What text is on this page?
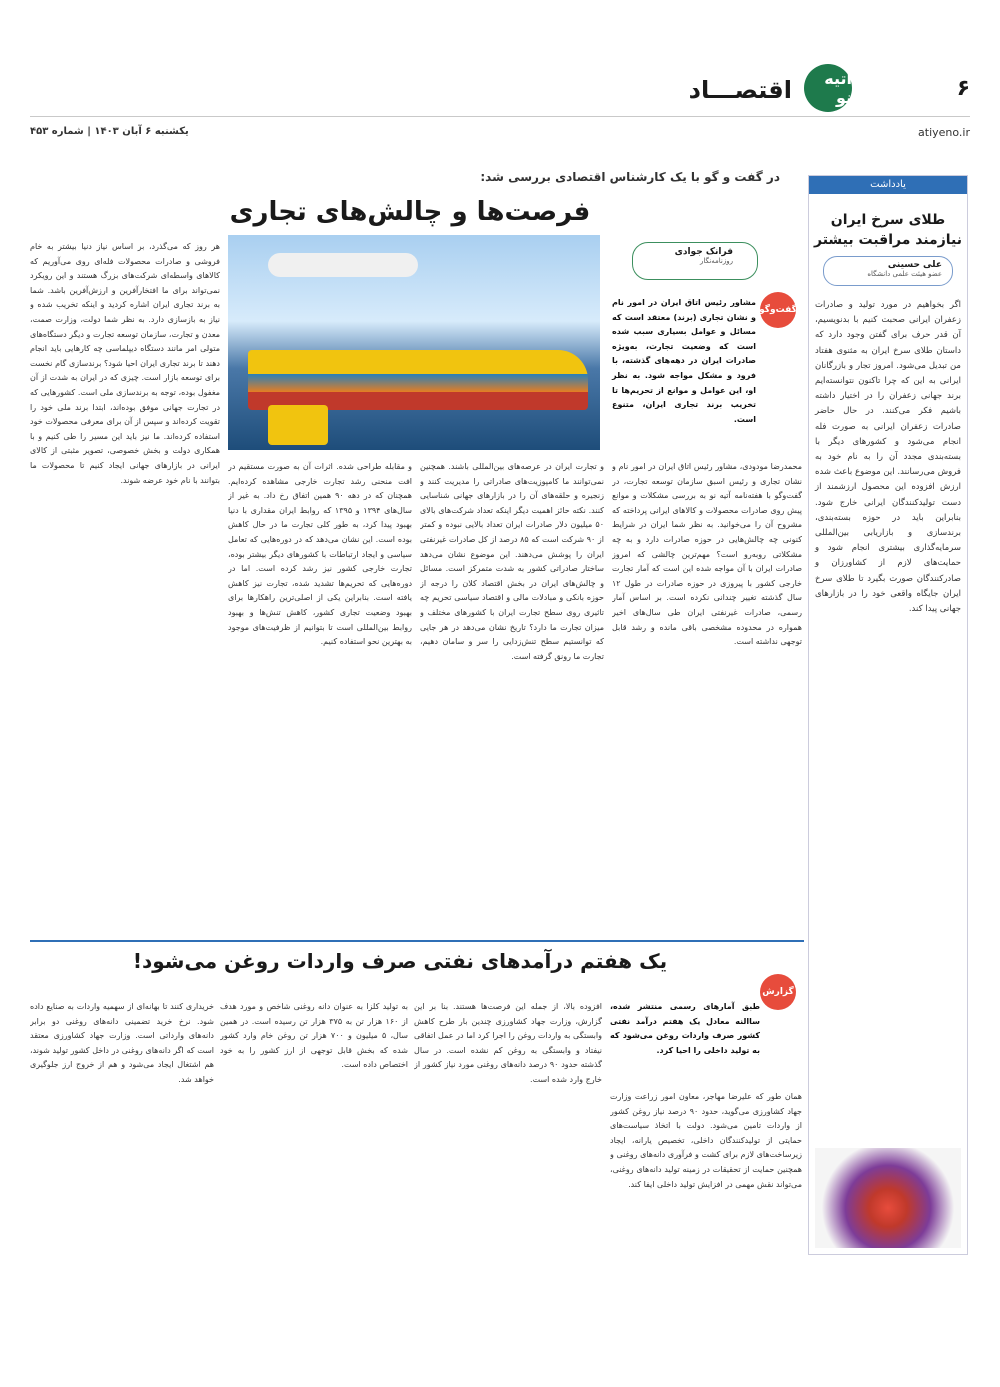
۶
آتیه نو
اقتصـــاد
atiyeno.ir
یکشنبه ۶ آبان ۱۴۰۳ | شماره ۴۵۳
یادداشت
طلای سرخ ایران نیازمند مراقبت بیشتر
علی حسینی
عضو هیئت علمی دانشگاه
اگر بخواهیم در مورد تولید و صادرات زعفران ایرانی صحبت کنیم با بدنویسیم، آن قدر حرف برای گفتن وجود دارد که داستان طلای سرخ ایران به مثنوی هفتاد من تبدیل می‌شود. امروز تجار و بازرگانان ایرانی به این که چرا تاکنون نتوانسته‌ایم برند جهانی زعفران را در اختیار داشته باشیم فکر می‌کنند. در حال حاضر صادرات زعفران ایرانی به صورت فله انجام می‌شود و کشورهای دیگر با بسته‌بندی مجدد آن را به نام خود به فروش می‌رسانند. این موضوع باعث شده ارزش افزوده این محصول ارزشمند از دست تولیدکنندگان ایرانی خارج شود. بنابراین باید در حوزه بسته‌بندی، برندسازی و بازاریابی بین‌المللی سرمایه‌گذاری بیشتری انجام شود و حمایت‌های لازم از کشاورزان و صادرکنندگان صورت بگیرد تا طلای سرخ ایران جایگاه واقعی خود را در بازارهای جهانی پیدا کند.
در گفت و گو با یک کارشناس اقتصادی بررسی شد:
فرصت‌ها و چالش‌های تجاری
فرانک جوادی
روزنامه‌نگار
گفت‌وگو
مشاور رئیس اتاق ایران در امور نام و نشان تجاری (برند) معتقد است که مسائل و عوامل بسیاری سبب شده است که وضعیت تجارت، به‌ویژه صادرات ایران در دهه‌های گذشته، با فرود و مشکل مواجه شود. به نظر او، این عوامل و موانع از تحریم‌ها تا تخریب برند تجاری ایران، متنوع است.
محمدرضا مودودی، مشاور رئیس اتاق ایران در امور نام و نشان تجاری و رئیس اسبق سازمان توسعه تجارت، در گفت‌وگو با هفته‌نامه آتیه نو به بررسی مشکلات و موانع پیش روی صادرات محصولات و کالاهای ایرانی پرداخته که مشروح آن را می‌خوانید. به نظر شما ایران در شرایط کنونی چه چالش‌هایی در حوزه صادرات دارد و به چه مشکلاتی روبه‌رو است؟ مهم‌ترین چالشی که امروز صادرات ایران با آن مواجه شده این است که آمار تجارت خارجی کشور با پیروزی در حوزه صادرات در طول ۱۲ سال گذشته تغییر چندانی نکرده است. بر اساس آمار رسمی، صادرات غیرنفتی ایران طی سال‌های اخیر همواره در محدوده مشخصی باقی مانده و رشد قابل توجهی نداشته است.
و تجارت ایران در عرصه‌های بین‌المللی باشند. همچنین نمی‌توانند ما کامپوزیت‌های صادراتی را مدیریت کنند و زنجیره و حلقه‌های آن را در بازارهای جهانی شناسایی کنند. نکته حائز اهمیت دیگر اینکه تعداد شرکت‌های بالای ۵۰ میلیون دلار صادرات ایران تعداد بالایی نبوده و کمتر از ۹۰ شرکت است که ۸۵ درصد از کل صادرات غیرنفتی ایران را پوشش می‌دهند. این موضوع نشان می‌دهد ساختار صادراتی کشور به شدت متمرکز است. مسائل و چالش‌های ایران در بخش اقتصاد کلان را درجه از حوزه بانکی و مبادلات مالی و اقتصاد سیاسی تحریم چه تاثیری روی سطح تجارت ایران با کشورهای مختلف و میزان تجارت ما دارد؟ تاریخ نشان می‌دهد در هر جایی که توانستیم سطح تنش‌زدایی را سر و سامان دهیم، تجارت ما رونق گرفته است.
و مقابله طراحی شده. اثرات آن به صورت مستقیم در افت منحنی رشد تجارت خارجی مشاهده کرده‌ایم. همچنان که در دهه ۹۰ همین اتفاق رخ داد. به غیر از سال‌های ۱۳۹۴ و ۱۳۹۵ که روابط ایران مقداری با دنیا بهبود پیدا کرد، به طور کلی تجارت ما در حال کاهش بوده است. این نشان می‌دهد که در دوره‌هایی که تعامل سیاسی و ایجاد ارتباطات با کشورهای دیگر بیشتر بوده، تجارت خارجی کشور نیز رشد کرده است. اما در دوره‌هایی که تحریم‌ها تشدید شده، تجارت نیز کاهش یافته است. بنابراین یکی از اصلی‌ترین راهکارها برای بهبود وضعیت تجاری کشور، کاهش تنش‌ها و بهبود روابط بین‌المللی است تا بتوانیم از ظرفیت‌های موجود به بهترین نحو استفاده کنیم.
هر روز که می‌گذرد، بر اساس نیاز دنیا بیشتر به خام فروشی و صادرات محصولات فله‌ای روی می‌آوریم که کالاهای واسطه‌ای شرکت‌های بزرگ هستند و این رویکرد نمی‌تواند برای ما افتخارآفرین و ارزش‌آفرین باشد. شما به برند تجاری ایران اشاره کردید و اینکه تخریب شده و نیاز به بازسازی دارد. به نظر شما دولت، وزارت صمت، معدن و تجارت، سازمان توسعه تجارت و دیگر دستگاه‌های متولی امر مانند دستگاه دیپلماسی چه کارهایی باید انجام دهند تا برند تجاری ایران احیا شود؟ برندسازی گام نخست برای توسعه بازار است. چیزی که در ایران به شدت از آن مغفول بوده، توجه به برندسازی ملی است. کشورهایی که در تجارت جهانی موفق بوده‌اند، ابتدا برند ملی خود را تقویت کرده‌اند و سپس از آن برای معرفی محصولات خود استفاده کرده‌اند. ما نیز باید این مسیر را طی کنیم و با همکاری دولت و بخش خصوصی، تصویر مثبتی از کالای ایرانی در بازارهای جهانی ایجاد کنیم تا محصولات ما بتوانند با نام خود عرضه شوند.
یک هفتم درآمدهای نفتی صرف واردات روغن می‌شود!
گزارش
طبق آمارهای رسمی منتشر شده، ساالنه معادل یک هفتم درآمد نفتی کشور صرف واردات روغن می‌شود که به تولید داخلی را احیا کرد.
همان طور که علیرضا مهاجر، معاون امور زراعت وزارت جهاد کشاورزی می‌گوید، حدود ۹۰ درصد نیاز روغن کشور از واردات تامین می‌شود. دولت با اتخاذ سیاست‌های حمایتی از تولیدکنندگان داخلی، تخصیص یارانه، ایجاد زیرساخت‌های لازم برای کشت و فرآوری دانه‌های روغنی و همچنین حمایت از تحقیقات در زمینه تولید دانه‌های روغنی، می‌تواند نقش مهمی در افزایش تولید داخلی ایفا کند.
افزوده بالا، از جمله این فرصت‌ها هستند. بنا بر این گزارش، وزارت جهاد کشاورزی چندین بار طرح کاهش وابستگی به واردات روغن را اجرا کرد اما در عمل اتفاقی نیفتاد و وابستگی به روغن کم نشده است. در سال گذشته حدود ۹۰ درصد دانه‌های روغنی مورد نیاز کشور از خارج وارد شده است.
به تولید کلزا به عنوان دانه روغنی شاخص و مورد هدف از ۱۶۰ هزار تن به ۳۷۵ هزار تن رسیده است. در همین سال، ۵ میلیون و ۷۰۰ هزار تن روغن خام وارد کشور شده که بخش قابل توجهی از ارز کشور را به خود اختصاص داده است.
خریداری کنند تا بهانه‌ای از سهمیه واردات به صنایع داده شود. نرخ خرید تضمینی دانه‌های روغنی دو برابر دانه‌های وارداتی است. وزارت جهاد کشاورزی معتقد است که اگر دانه‌های روغنی در داخل کشور تولید شوند، هم اشتغال ایجاد می‌شود و هم از خروج ارز جلوگیری خواهد شد.
